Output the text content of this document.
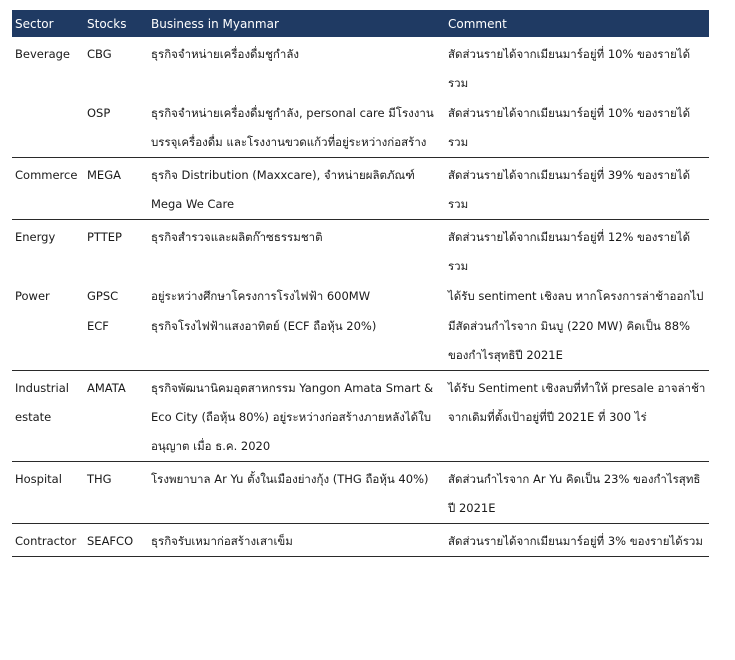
Sector	Stocks	Business in Myanmar	Comment
Beverage	CBG	ธุรกิจจำหน่ายเครื่องดื่มชูกำลัง	สัดส่วนรายได้จากเมียนมาร์อยู่ที่ 10% ของรายได้รวม
	OSP	ธุรกิจจำหน่ายเครื่องดื่มชูกำลัง, personal care มีโรงงานบรรจุเครื่องดื่ม และโรงงานขวดแก้วที่อยู่ระหว่างก่อสร้าง	สัดส่วนรายได้จากเมียนมาร์อยู่ที่ 10% ของรายได้รวม
Commerce	MEGA	ธุรกิจ Distribution (Maxxcare), จำหน่ายผลิตภัณฑ์ Mega We Care	สัดส่วนรายได้จากเมียนมาร์อยู่ที่ 39% ของรายได้รวม
Energy	PTTEP	ธุรกิจสำรวจและผลิตก๊าซธรรมชาติ	สัดส่วนรายได้จากเมียนมาร์อยู่ที่ 12% ของรายได้รวม
Power	GPSC	อยู่ระหว่างศึกษาโครงการโรงไฟฟ้า 600MW	ได้รับ sentiment เชิงลบ หากโครงการล่าช้าออกไป
	ECF	ธุรกิจโรงไฟฟ้าแสงอาทิตย์ (ECF ถือหุ้น 20%)	มีสัดส่วนกำไรจาก มินบู (220 MW) คิดเป็น 88% ของกำไรสุทธิปี 2021E
Industrial estate	AMATA	ธุรกิจพัฒนานิคมอุตสาหกรรม Yangon Amata Smart & Eco City (ถือหุ้น 80%) อยู่ระหว่างก่อสร้างภายหลังได้ใบอนุญาต เมื่อ ธ.ค. 2020	ได้รับ Sentiment เชิงลบที่ทำให้ presale อาจล่าช้าจากเดิมที่ตั้งเป้าอยู่ที่ปี 2021E ที่ 300 ไร่
Hospital	THG	โรงพยาบาล Ar Yu ตั้งในเมืองย่างกุ้ง (THG ถือหุ้น 40%)	สัดส่วนกำไรจาก Ar Yu คิดเป็น 23% ของกำไรสุทธิปี 2021E
Contractor	SEAFCO	ธุรกิจรับเหมาก่อสร้างเสาเข็ม	สัดส่วนรายได้จากเมียนมาร์อยู่ที่ 3% ของรายได้รวม
